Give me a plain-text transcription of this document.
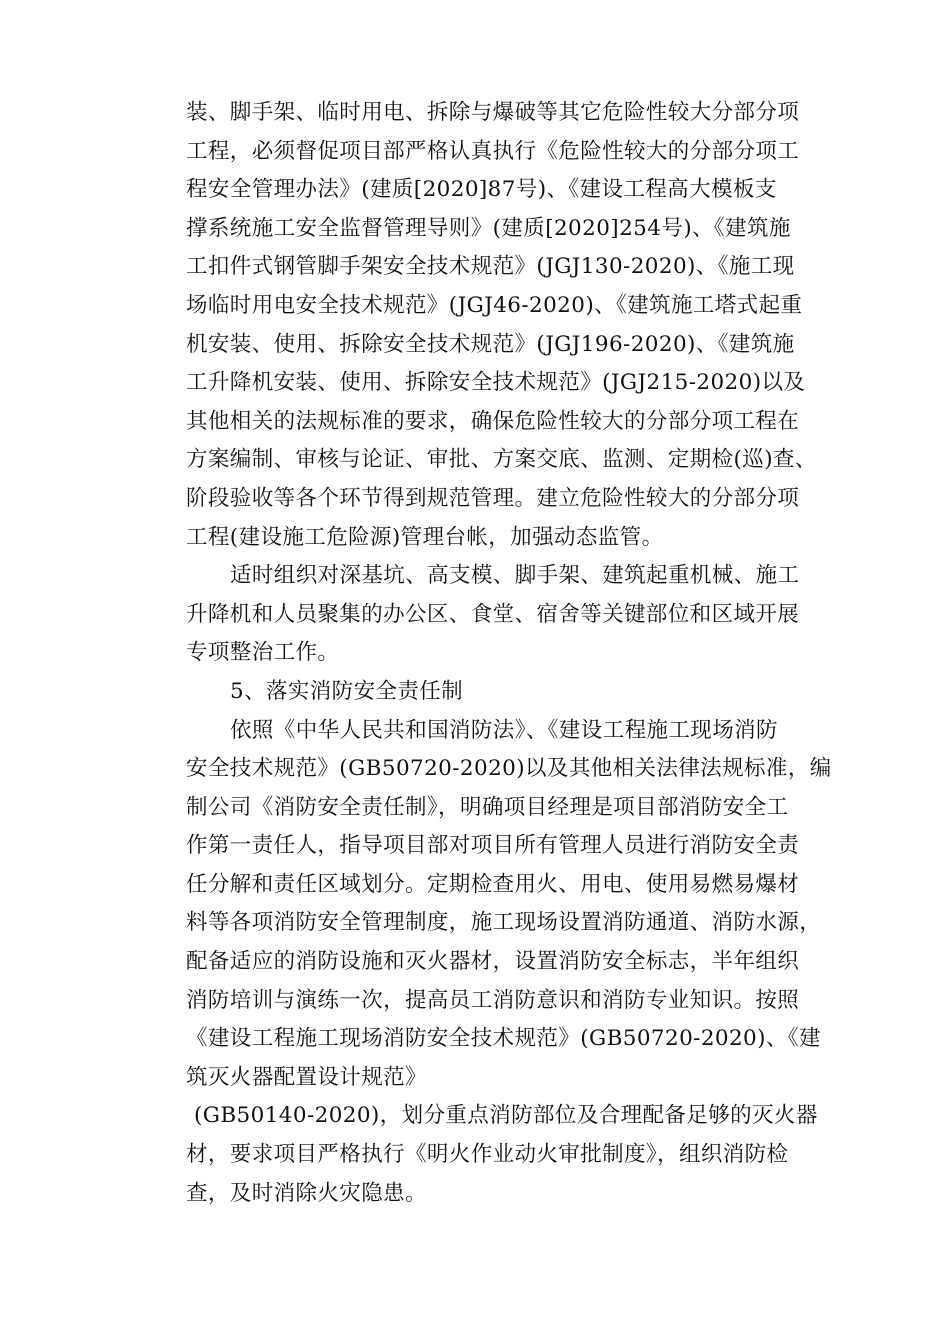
装、脚手架、临时用电、拆除与爆破等其它危险性较大分部分项
工程，必须督促项目部严格认真执行《危险性较大的分部分项工
程安全管理办法》(建质[2020]87号)、《建设工程高大模板支
撑系统施工安全监督管理导则》(建质[2020]254号)、《建筑施
工扣件式钢管脚手架安全技术规范》(JGJ130-2020)、《施工现
场临时用电安全技术规范》(JGJ46-2020)、《建筑施工塔式起重
机安装、使用、拆除安全技术规范》(JGJ196-2020)、《建筑施
工升降机安装、使用、拆除安全技术规范》(JGJ215-2020)以及
其他相关的法规标准的要求，确保危险性较大的分部分项工程在
方案编制、审核与论证、审批、方案交底、监测、定期检(巡)查、
阶段验收等各个环节得到规范管理。建立危险性较大的分部分项
工程(建设施工危险源)管理台帐，加强动态监管。
适时组织对深基坑、高支模、脚手架、建筑起重机械、施工
升降机和人员聚集的办公区、食堂、宿舍等关键部位和区域开展
专项整治工作。
5、落实消防安全责任制
依照《中华人民共和国消防法》、《建设工程施工现场消防
安全技术规范》(GB50720-2020)以及其他相关法律法规标准，编
制公司《消防安全责任制》，明确项目经理是项目部消防安全工
作第一责任人，指导项目部对项目所有管理人员进行消防安全责
任分解和责任区域划分。定期检查用火、用电、使用易燃易爆材
料等各项消防安全管理制度，施工现场设置消防通道、消防水源，
配备适应的消防设施和灭火器材，设置消防安全标志，半年组织
消防培训与演练一次，提高员工消防意识和消防专业知识。按照
《建设工程施工现场消防安全技术规范》(GB50720-2020)、《建
筑灭火器配置设计规范》
(GB50140-2020)，划分重点消防部位及合理配备足够的灭火器
材，要求项目严格执行《明火作业动火审批制度》，组织消防检
查，及时消除火灾隐患。
